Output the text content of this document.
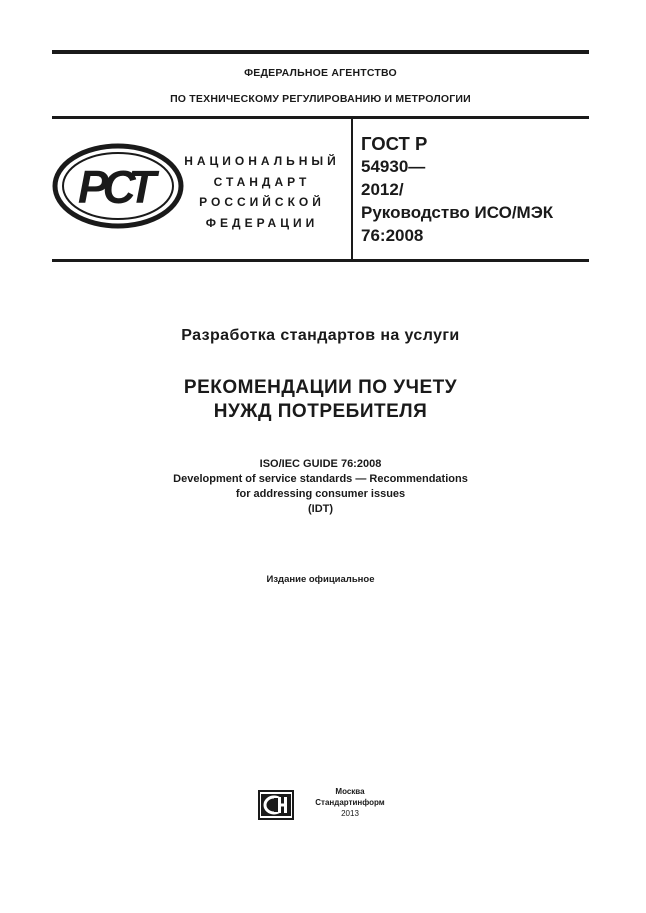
ФЕДЕРАЛЬНОЕ АГЕНТСТВО
ПО ТЕХНИЧЕСКОМУ РЕГУЛИРОВАНИЮ И МЕТРОЛОГИИ
РСТ	НАЦИОНАЛЬНЫЙ
СТАНДАРТ
РОССИЙСКОЙ
ФЕДЕРАЦИИ
ГОСТ Р
54930—
2012/
Руководство ИСО/МЭК
76:2008
Разработка стандартов на услуги
РЕКОМЕНДАЦИИ ПО УЧЕТУ
НУЖД ПОТРЕБИТЕЛЯ
ISO/IEC GUIDE 76:2008
Development of service standards — Recommendations
for addressing consumer issues
(IDT)
Издание официальное
Москва
Стандартинформ
2013
